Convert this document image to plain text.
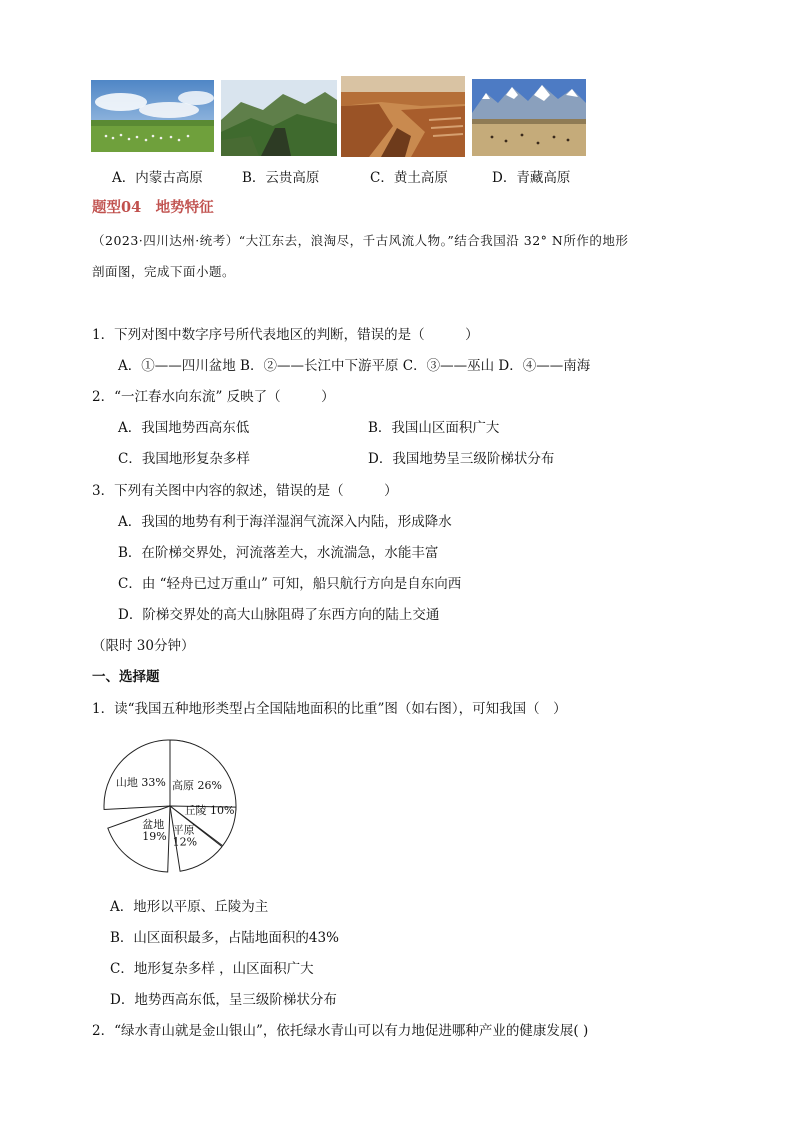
A．内蒙古高原	B．云贵高原	C．黄土高原	D．青藏高原
题型04　地势特征
（2023·四川达州·统考）“大江东去，浪淘尽，千古风流人物。”结合我国沿 32° N所作的地形
剖面图，完成下面小题。
1．下列对图中数字序号所代表地区的判断，错误的是（　　　）
A．①——四川盆地 B．②——长江中下游平原 C．③——巫山 D．④——南海
2．“一江春水向东流” 反映了（　　　）
A．我国地势西高东低	B．我国山区面积广大
C．我国地形复杂多样	D．我国地势呈三级阶梯状分布
3．下列有关图中内容的叙述，错误的是（　　　）
A．我国的地势有利于海洋湿润气流深入内陆，形成降水
B．在阶梯交界处，河流落差大，水流湍急，水能丰富
C．由 “轻舟已过万重山” 可知，船只航行方向是自东向西
D．阶梯交界处的高大山脉阻碍了东西方向的陆上交通
（限时 30分钟）
一、选择题
1．读“我国五种地形类型占全国陆地面积的比重”图（如右图），可知我国（　）
山地 33% 高原 26%
丘陵 10%
平原 12%
盆地 19%
A．地形以平原、丘陵为主
B．山区面积最多，占陆地面积的43%
C．地形复杂多样 ，山区面积广大
D．地势西高东低，呈三级阶梯状分布
2．“绿水青山就是金山银山”，依托绿水青山可以有力地促进哪种产业的健康发展( )
